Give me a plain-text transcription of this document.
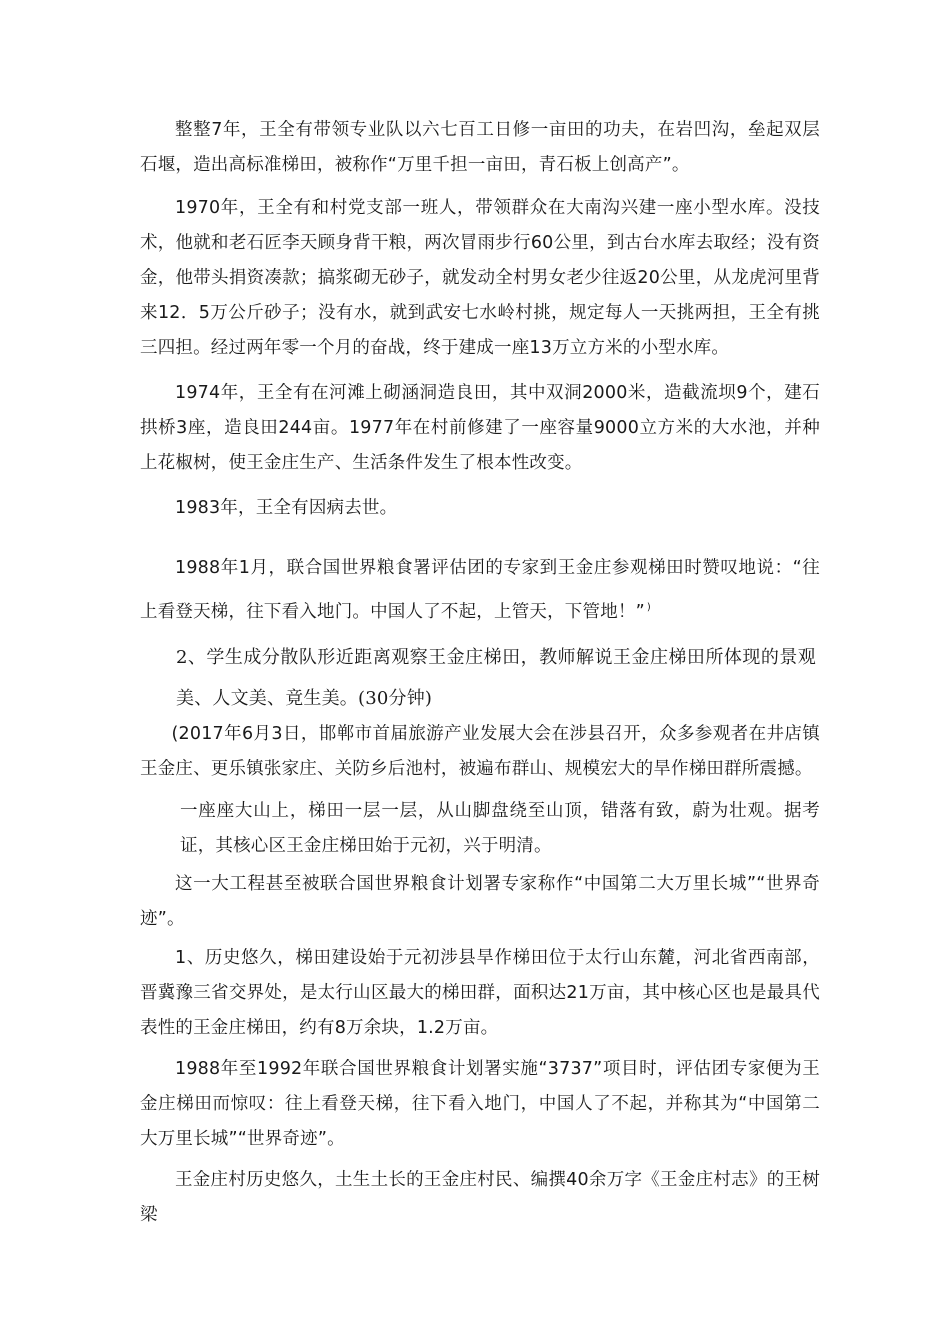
整整7年，王全有带领专业队以六七百工日修一亩田的功夫，在岩凹沟，垒起双层石堰，造出高标准梯田，被称作“万里千担一亩田，青石板上创高产”。

1970年，王全有和村党支部一班人，带领群众在大南沟兴建一座小型水库。没技术，他就和老石匠李天顾身背干粮，两次冒雨步行60公里，到古台水库去取经；没有资金，他带头捐资凑款；搞浆砌无砂子，就发动全村男女老少往返20公里，从龙虎河里背来12．5万公斤砂子；没有水，就到武安七水岭村挑，规定每人一天挑两担，王全有挑三四担。经过两年零一个月的奋战，终于建成一座13万立方米的小型水库。

1974年，王全有在河滩上砌涵洞造良田，其中双洞2000米，造截流坝9个，建石拱桥3座，造良田244亩。1977年在村前修建了一座容量9000立方米的大水池，并种上花椒树，使王金庄生产、生活条件发生了根本性改变。

1983年，王全有因病去世。

1988年1月，联合国世界粮食署评估团的专家到王金庄参观梯田时赞叹地说：“往上看登天梯，往下看入地门。中国人了不起，上管天，下管地！” )

2、学生成分散队形近距离观察王金庄梯田，教师解说王金庄梯田所体现的景观美、人文美、竟生美。(30分钟)

(2017年6月3日，邯郸市首届旅游产业发展大会在涉县召开，众多参观者在井店镇王金庄、更乐镇张家庄、关防乡后池村，被遍布群山、规模宏大的旱作梯田群所震撼。

一座座大山上，梯田一层一层，从山脚盘绕至山顶，错落有致，蔚为壮观。据考证，其核心区王金庄梯田始于元初，兴于明清。

这一大工程甚至被联合国世界粮食计划署专家称作“中国第二大万里长城”“世界奇迹”。

1、历史悠久，梯田建设始于元初涉县旱作梯田位于太行山东麓，河北省西南部，晋冀豫三省交界处，是太行山区最大的梯田群，面积达21万亩，其中核心区也是最具代表性的王金庄梯田，约有8万余块，1.2万亩。

1988年至1992年联合国世界粮食计划署实施“3737”项目时，评估团专家便为王金庄梯田而惊叹：往上看登天梯，往下看入地门，中国人了不起，并称其为“中国第二大万里长城”“世界奇迹”。

王金庄村历史悠久，土生土长的王金庄村民、编撰40余万字《王金庄村志》的王树梁
